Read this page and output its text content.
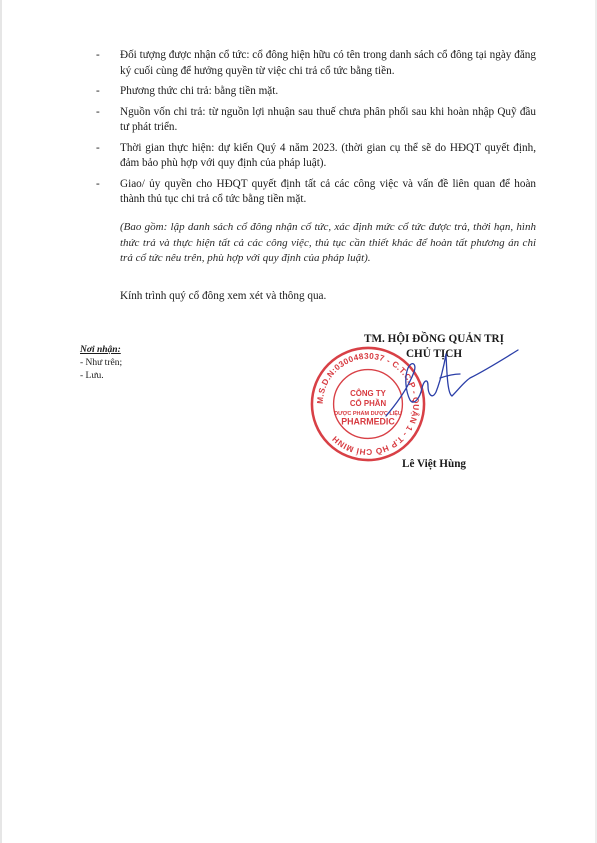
- Đối tượng được nhận cổ tức: cổ đông hiện hữu có tên trong danh sách cổ đông tại ngày đăng ký cuối cùng để hưởng quyền từ việc chi trả cổ tức bằng tiền.
- Phương thức chi trả: bằng tiền mặt.
- Nguồn vốn chi trả: từ nguồn lợi nhuận sau thuế chưa phân phối sau khi hoàn nhập Quỹ đầu tư phát triển.
- Thời gian thực hiện: dự kiến Quý 4 năm 2023. (thời gian cụ thể sẽ do HĐQT quyết định, đảm bảo phù hợp với quy định của pháp luật).
- Giao/ ủy quyền cho HĐQT quyết định tất cả các công việc và vấn đề liên quan để hoàn thành thủ tục chi trả cổ tức bằng tiền mặt.
(Bao gồm: lập danh sách cổ đông nhận cổ tức, xác định mức cổ tức được trả, thời hạn, hình thức trả và thực hiện tất cả các công việc, thủ tục cần thiết khác để hoàn tất phương án chi trả cổ tức nêu trên, phù hợp với quy định của pháp luật).
Kính trình quý cổ đông xem xét và thông qua.
Nơi nhận:
- Như trên;
- Lưu.
TM. HỘI ĐỒNG QUẢN TRỊ
CHỦ TỊCH
M.S.D.N:0300483037 - C.T.C.P - QUẬN 1 - T.P HỒ CHÍ MINH
CÔNG TY
CỔ PHẦN
DƯỢC PHẨM DƯỢC LIỆU
PHARMEDIC
Lê Việt Hùng
